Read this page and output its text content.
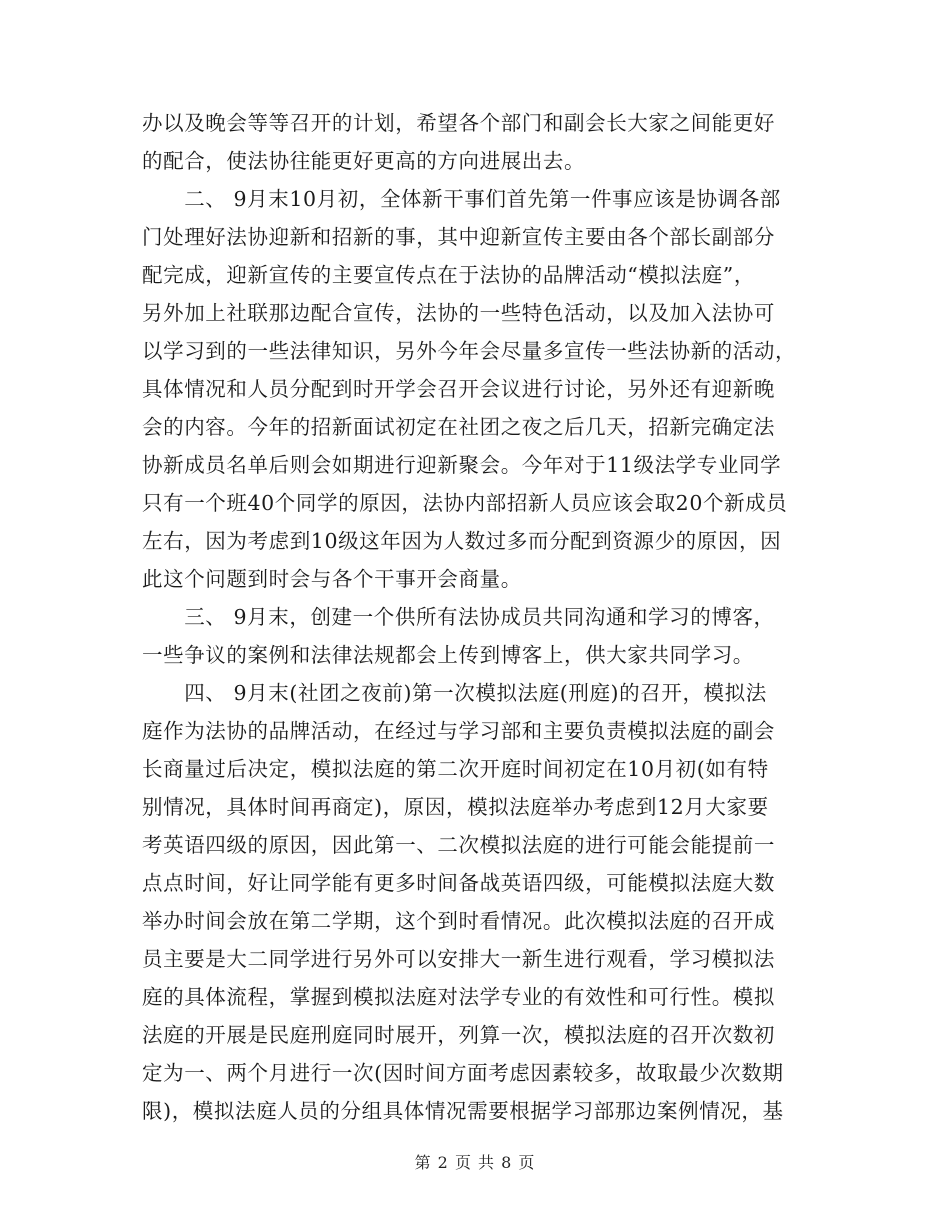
办以及晚会等等召开的计划，希望各个部门和副会长大家之间能更好
的配合，使法协往能更好更高的方向进展出去。
　　二、 9月末10月初，全体新干事们首先第一件事应该是协调各部
门处理好法协迎新和招新的事，其中迎新宣传主要由各个部长副部分
配完成，迎新宣传的主要宣传点在于法协的品牌活动“模拟法庭”，
另外加上社联那边配合宣传，法协的一些特色活动，以及加入法协可
以学习到的一些法律知识，另外今年会尽量多宣传一些法协新的活动，
具体情况和人员分配到时开学会召开会议进行讨论，另外还有迎新晚
会的内容。今年的招新面试初定在社团之夜之后几天，招新完确定法
协新成员名单后则会如期进行迎新聚会。今年对于11级法学专业同学
只有一个班40个同学的原因，法协内部招新人员应该会取20个新成员
左右，因为考虑到10级这年因为人数过多而分配到资源少的原因，因
此这个问题到时会与各个干事开会商量。
　　三、 9月末，创建一个供所有法协成员共同沟通和学习的博客，
一些争议的案例和法律法规都会上传到博客上，供大家共同学习。
　　四、 9月末(社团之夜前)第一次模拟法庭(刑庭)的召开，模拟法
庭作为法协的品牌活动，在经过与学习部和主要负责模拟法庭的副会
长商量过后决定，模拟法庭的第二次开庭时间初定在10月初(如有特
别情况，具体时间再商定)，原因，模拟法庭举办考虑到12月大家要
考英语四级的原因，因此第一、二次模拟法庭的进行可能会能提前一
点点时间，好让同学能有更多时间备战英语四级，可能模拟法庭大数
举办时间会放在第二学期，这个到时看情况。此次模拟法庭的召开成
员主要是大二同学进行另外可以安排大一新生进行观看，学习模拟法
庭的具体流程，掌握到模拟法庭对法学专业的有效性和可行性。模拟
法庭的开展是民庭刑庭同时展开，列算一次，模拟法庭的召开次数初
定为一、两个月进行一次(因时间方面考虑因素较多，故取最少次数期
限)，模拟法庭人员的分组具体情况需要根据学习部那边案例情况，基
第 2 页 共 8 页
